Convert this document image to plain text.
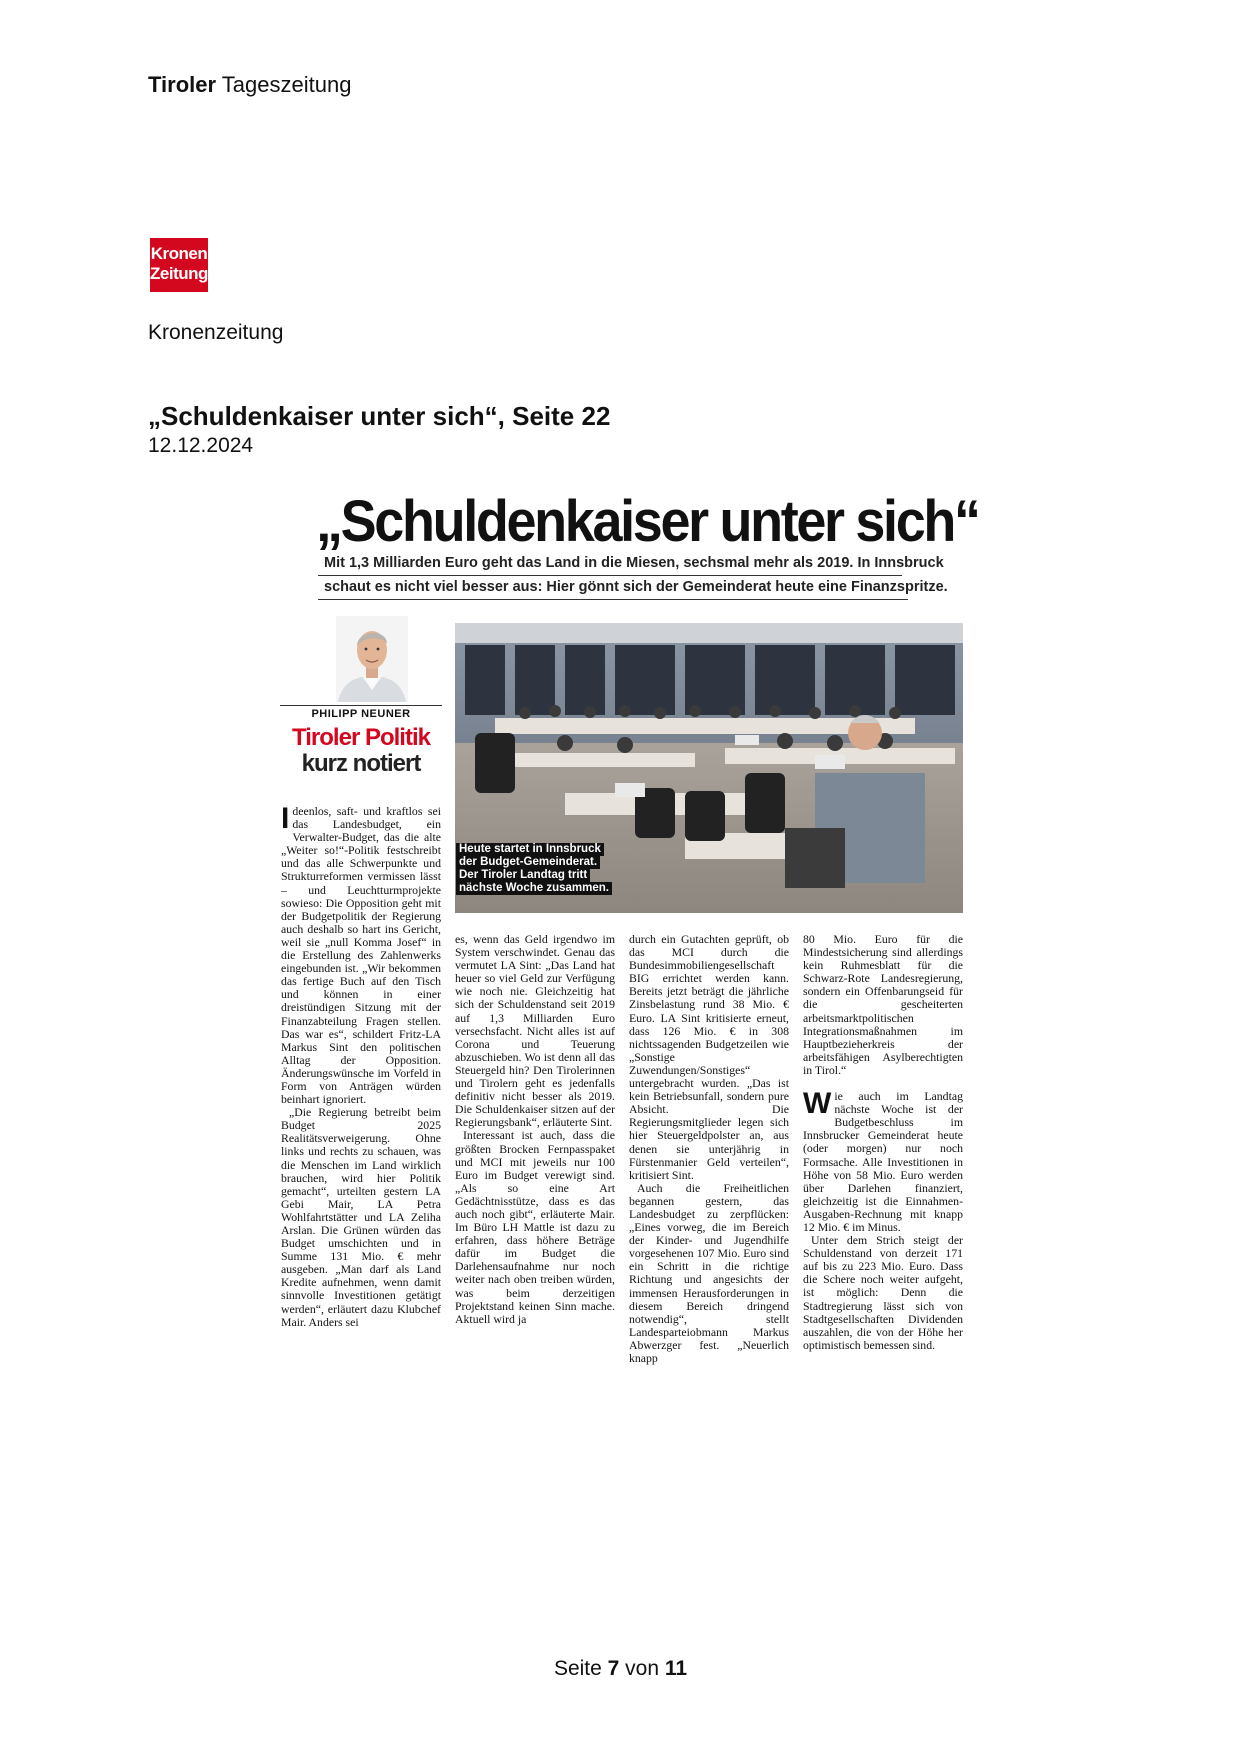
Tiroler Tageszeitung
Kronen
Zeitung
Kronenzeitung
„Schuldenkaiser unter sich“, Seite 22
12.12.2024
„Schuldenkaiser unter sich“
Mit 1,3 Milliarden Euro geht das Land in die Miesen, sechsmal mehr als 2019. In Innsbruck
schaut es nicht viel besser aus: Hier gönnt sich der Gemeinderat heute eine Finanzspritze.
PHILIPP NEUNER
Tiroler Politik
kurz notiert
Heute startet in Innsbruck
der Budget-Gemeinderat.
Der Tiroler Landtag tritt
nächste Woche zusammen.

Ideenlos, saft- und kraftlos sei das Landesbudget, ein Verwalter-Budget, das die alte „Weiter so!“-Politik festschreibt und das alle Schwerpunkte und Strukturreformen vermissen lässt – und Leuchtturmprojekte sowieso: Die Opposition geht mit der Budgetpolitik der Regierung auch deshalb so hart ins Gericht, weil sie „null Komma Josef“ in die Erstellung des Zahlenwerks eingebunden ist. „Wir bekommen das fertige Buch auf den Tisch und können in einer dreistündigen Sitzung mit der Finanzabteilung Fragen stellen. Das war es“, schildert Fritz-LA Markus Sint den politischen Alltag der Opposition. Änderungswünsche im Vorfeld in Form von Anträgen würden beinhart ignoriert.

„Die Regierung betreibt beim Budget 2025 Realitätsverweigerung. Ohne links und rechts zu schauen, was die Menschen im Land wirklich brauchen, wird hier Politik gemacht“, urteilten gestern LA Gebi Mair, LA Petra Wohlfahrtstätter und LA Zeliha Arslan. Die Grünen würden das Budget umschichten und in Summe 131 Mio. € mehr ausgeben. „Man darf als Land Kredite aufnehmen, wenn damit sinnvolle Investitionen getätigt werden“, erläutert dazu Klubchef Mair. Anders sei

es, wenn das Geld irgendwo im System verschwindet. Genau das vermutet LA Sint: „Das Land hat heuer so viel Geld zur Verfügung wie noch nie. Gleichzeitig hat sich der Schuldenstand seit 2019 auf 1,3 Milliarden Euro versechsfacht. Nicht alles ist auf Corona und Teuerung abzuschieben. Wo ist denn all das Steuergeld hin? Den Tirolerinnen und Tirolern geht es jedenfalls definitiv nicht besser als 2019. Die Schuldenkaiser sitzen auf der Regierungsbank“, erläuterte Sint.

Interessant ist auch, dass die größten Brocken Fernpasspaket und MCI mit jeweils nur 100 Euro im Budget verewigt sind. „Als so eine Art Gedächtnisstütze, dass es das auch noch gibt“, erläuterte Mair. Im Büro LH Mattle ist dazu zu erfahren, dass höhere Beträge dafür im Budget die Darlehensaufnahme nur noch weiter nach oben treiben würden, was beim derzeitigen Projektstand keinen Sinn mache. Aktuell wird ja

durch ein Gutachten geprüft, ob das MCI durch die Bundesimmobiliengesellschaft BIG errichtet werden kann. Bereits jetzt beträgt die jährliche Zinsbelastung rund 38 Mio. € Euro. LA Sint kritisierte erneut, dass 126 Mio. € in 308 nichtssagenden Budgetzeilen wie „Sonstige Zuwendungen/Sonstiges“ untergebracht wurden. „Das ist kein Betriebsunfall, sondern pure Absicht. Die Regierungsmitglieder legen sich hier Steuergeldpolster an, aus denen sie unterjährig in Fürstenmanier Geld verteilen“, kritisiert Sint.

Auch die Freiheitlichen begannen gestern, das Landesbudget zu zerpflücken: „Eines vorweg, die im Bereich der Kinder- und Jugendhilfe vorgesehenen 107 Mio. Euro sind ein Schritt in die richtige Richtung und angesichts der immensen Herausforderungen in diesem Bereich dringend notwendig“, stellt Landesparteiobmann Markus Abwerzger fest. „Neuerlich knapp

80 Mio. Euro für die Mindestsicherung sind allerdings kein Ruhmesblatt für die Schwarz-Rote Landesregierung, sondern ein Offenbarungseid für die gescheiterten arbeitsmarktpolitischen Integrationsmaßnahmen im Hauptbezieherkreis der arbeitsfähigen Asylberechtigten in Tirol.“

Wie auch im Landtag nächste Woche ist der Budgetbeschluss im Innsbrucker Gemeinderat heute (oder morgen) nur noch Formsache. Alle Investitionen in Höhe von 58 Mio. Euro werden über Darlehen finanziert, gleichzeitig ist die Einnahmen-Ausgaben-Rechnung mit knapp 12 Mio. € im Minus.

Unter dem Strich steigt der Schuldenstand von derzeit 171 auf bis zu 223 Mio. Euro. Dass die Schere noch weiter aufgeht, ist möglich: Denn die Stadtregierung lässt sich von Stadtgesellschaften Dividenden auszahlen, die von der Höhe her optimistisch bemessen sind.

Seite 7 von 11
